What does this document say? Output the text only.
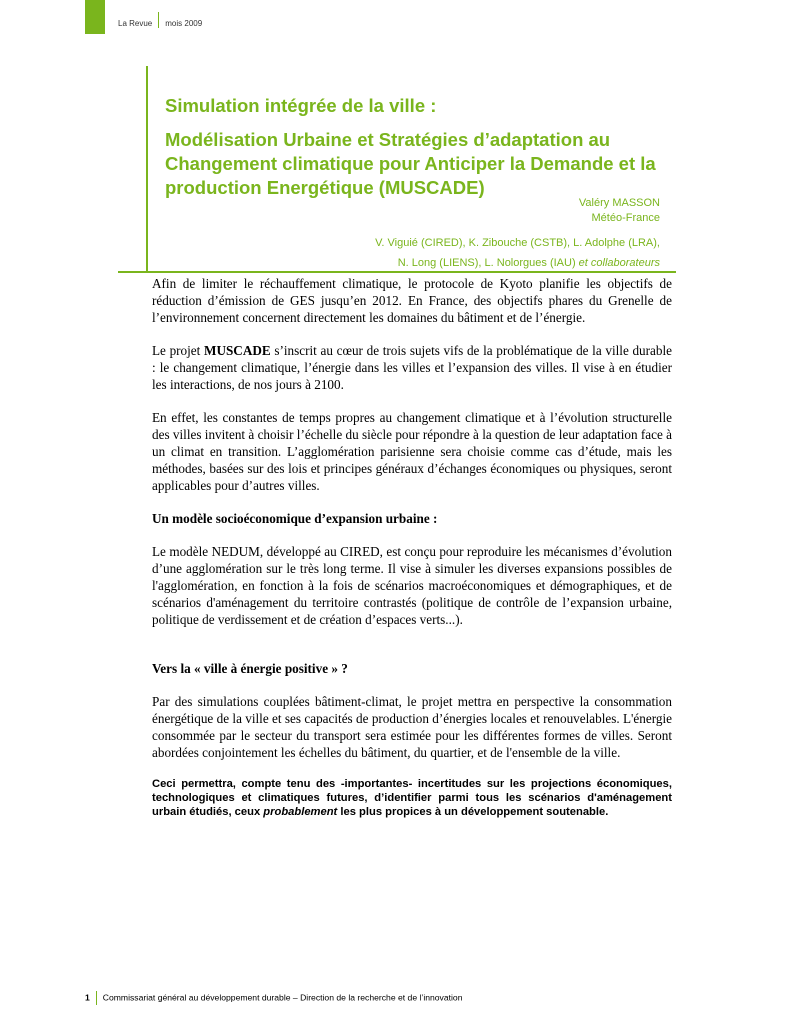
La Revue mois 2009
Simulation intégrée de la ville :
Modélisation Urbaine et Stratégies d’adaptation au Changement climatique pour Anticiper la Demande et la production Energétique (MUSCADE)
Valéry MASSON
Météo-France
V. Viguié (CIRED), K. Zibouche (CSTB), L. Adolphe (LRA),
N. Long (LIENS), L. Nolorgues (IAU) et collaborateurs

Afin de limiter le réchauffement climatique, le protocole de Kyoto planifie les objectifs de réduction d’émission de GES jusqu’en 2012. En France, des objectifs phares du Grenelle de l’environnement concernent directement les domaines du bâtiment et de l’énergie.

Le projet MUSCADE s’inscrit au cœur de trois sujets vifs de la problématique de la ville durable : le changement climatique, l’énergie dans les villes et l’expansion des villes. Il vise à en étudier les interactions, de nos jours à 2100.

En effet, les constantes de temps propres au changement climatique et à l’évolution structurelle des villes invitent à choisir l’échelle du siècle pour répondre à la question de leur adaptation face à un climat en transition. L’agglomération parisienne sera choisie comme cas d’étude, mais les méthodes, basées sur des lois et principes généraux d’échanges économiques ou physiques, seront applicables pour d’autres villes.

Un modèle socioéconomique d’expansion urbaine :

Le modèle NEDUM, développé au CIRED, est conçu pour reproduire les mécanismes d’évolution d’une agglomération sur le très long terme. Il vise à simuler les diverses expansions possibles de l'agglomération, en fonction à la fois de scénarios macroéconomiques et démographiques, et de scénarios d'aménagement du territoire contrastés (politique de contrôle de l’expansion urbaine, politique de verdissement et de création d’espaces verts...).

Vers la « ville à énergie positive » ?

Par des simulations couplées bâtiment-climat, le projet mettra en perspective la consommation énergétique de la ville et ses capacités de production d’énergies locales et renouvelables. L'énergie consommée par le secteur du transport sera estimée pour les différentes formes de villes. Seront abordées conjointement les échelles du bâtiment, du quartier, et de l'ensemble de la ville.

Ceci permettra, compte tenu des -importantes- incertitudes sur les projections économiques, technologiques et climatiques futures, d’identifier parmi tous les scénarios d'aménagement urbain étudiés, ceux probablement les plus propices à un développement soutenable.
1 Commissariat général au développement durable – Direction de la recherche et de l’innovation
